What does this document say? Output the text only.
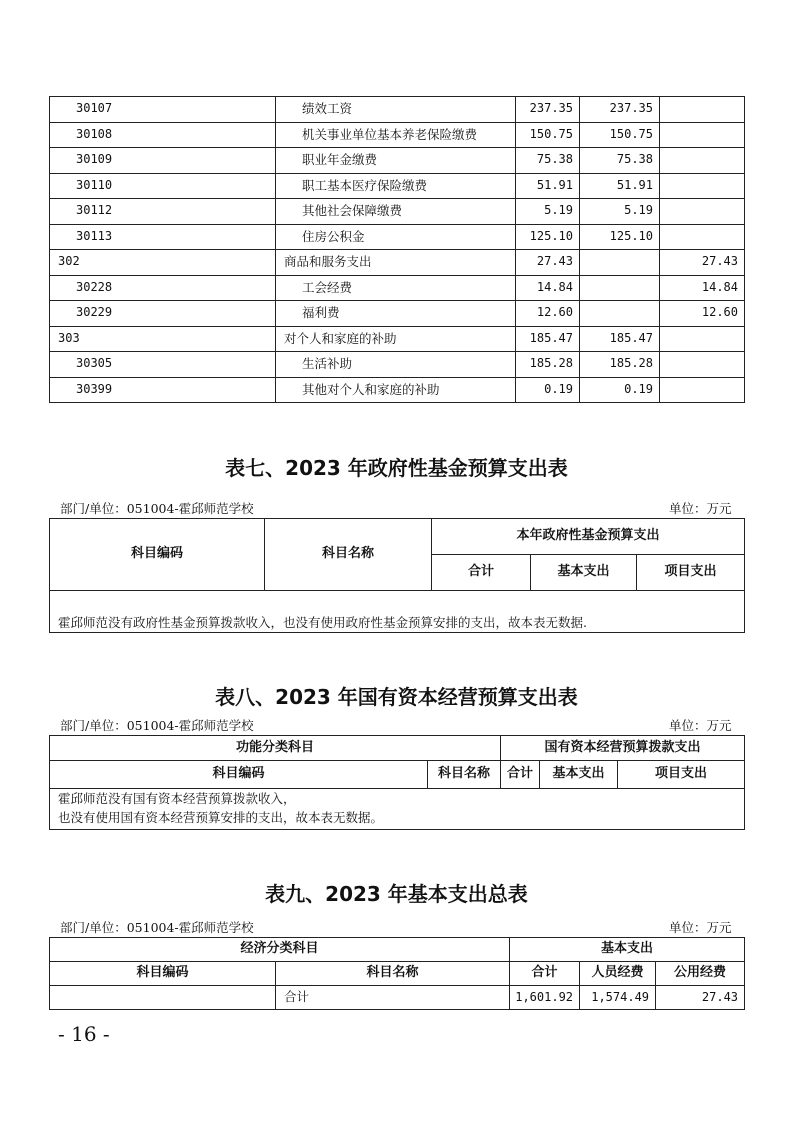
30107	绩效工资	237.35	237.35	
30108	机关事业单位基本养老保险缴费	150.75	150.75	
30109	职业年金缴费	75.38	75.38	
30110	职工基本医疗保险缴费	51.91	51.91	
30112	其他社会保障缴费	5.19	5.19	
30113	住房公积金	125.10	125.10	
302	商品和服务支出	27.43		27.43
30228	工会经费	14.84		14.84
30229	福利费	12.60		12.60
303	对个人和家庭的补助	185.47	185.47	
30305	生活补助	185.28	185.28	
30399	其他对个人和家庭的补助	0.19	0.19	
表七、2023 年政府性基金预算支出表
部门/单位：051004-霍邱师范学校	单位：万元
科目编码	科目名称	本年政府性基金预算支出		
		合计	基本支出	项目支出
霍邱师范没有政府性基金预算拨款收入，也没有使用政府性基金预算安排的支出，故本表无数据.				
表八、2023 年国有资本经营预算支出表
部门/单位：051004-霍邱师范学校	单位：万元
功能分类科目		国有资本经营预算拨款支出		
科目编码	科目名称	合计	基本支出	项目支出

霍邱师范没有国有资本经营预算拨款收入，
也没有使用国有资本经营预算安排的支出，故本表无数据。				
表九、2023 年基本支出总表
部门/单位：051004-霍邱师范学校	单位：万元
经济分类科目		基本支出		
科目编码	科目名称	合计	人员经费	公用经费
	合计	1,601.92	1,574.49	27.43
- 16 -
